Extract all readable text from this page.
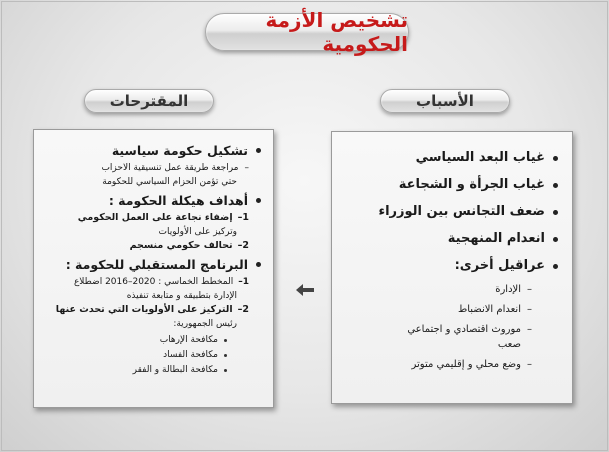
تشخيص الأزمة الحكومية
الأسباب
المقترحات
غياب البعد السياسي
غياب الجرأة و الشجاعة
ضعف التجانس بين الوزراء
انعدام المنهجية
عراقيل أخرى:
–
الإدارة
–
انعدام الانضباط
–
موروث اقتصادي و اجتماعي صعب
–
وضع محلي و إقليمي متوتر
تشكيل حكومة سياسية
–
مراجعة طريقة عمل تنسيقية الاحزاب
حتي تؤمن الحزام السياسي للحكومة
أهداف هيكلة الحكومة :
1–
إضفاء نجاعة على العمل الحكومي
وتركيز على الأولويات
2–
تحالف حكومي منسجم
البرنامج المستقبلي للحكومة :
1–
المخطط الخماسي : 2020–2016 اضطلاع
الإدارة بتطبيقه و متابعة تنفيذه
2–
التركيز على الأولويات التي تحدث عنها
رئيس الجمهورية:
مكافحة الإرهاب
مكافحة الفساد
مكافحة البطالة و الفقر
